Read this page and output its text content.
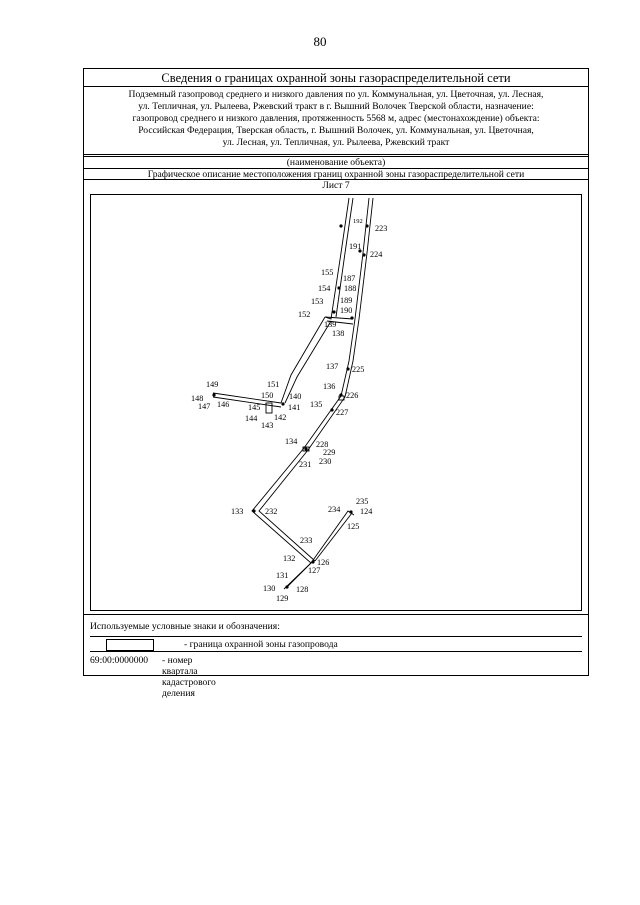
80
Сведения о границах охранной зоны газораспределительной сети
Подземный газопровод среднего и низкого давления по ул. Коммунальная, ул. Цветочная, ул. Лесная,
ул. Тепличная, ул. Рылеева, Ржевский тракт в г. Вышний Волочек Тверской области, назначение:
газопровод среднего и низкого давления, протяженность 5568 м, адрес (местонахождение) объекта:
Российская Федерация, Тверская область, г. Вышний Волочек, ул. Коммунальная, ул. Цветочная,
ул. Лесная, ул. Тепличная, ул. Рылеева, Ржевский тракт
(наименование объекта)
Графическое описание местоположения границ охранной зоны газораспределительной сети
Лист 7
Используемые условные знаки и обозначения:
- граница охранной зоны газопровода
69:00:0000000 - номер квартала кадастрового деления
192
223
191
224
155
187
154 188
153 189
190
152
139
138
137 225
149	151	136
226
148	150 140
135
147 146 145	141
227
144 142
143
134 228
229
230
231
235
234 124
133	232
125
233
126
132
127
131
128
130
129
